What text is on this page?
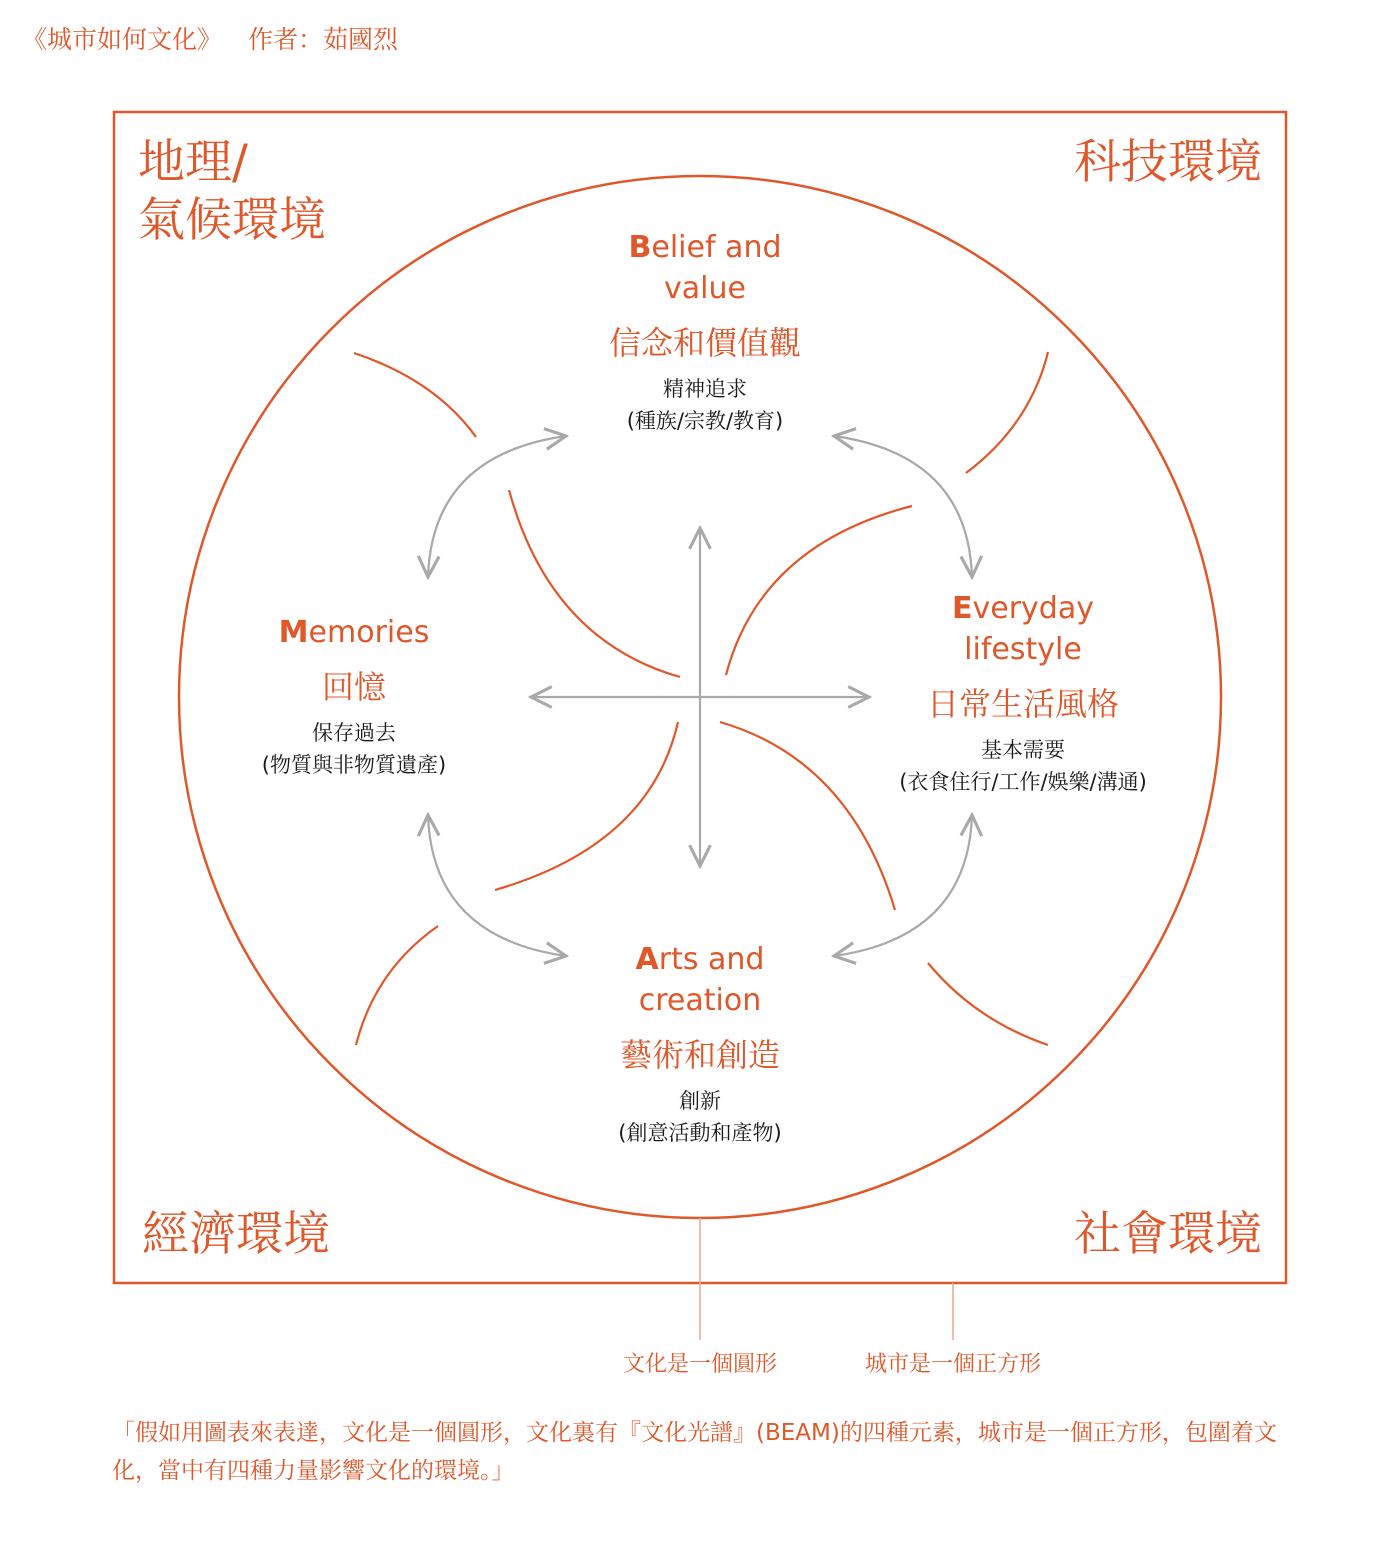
《城市如何文化》 作者：茹國烈
地理/
氣候環境
科技環境
經濟環境	社會環境
Belief and
value
信念和價值觀
精神追求
(種族/宗教/教育)
Everyday
lifestyle
日常生活風格
基本需要
(衣食住行/工作/娛樂/溝通)
Memories
回憶
保存過去
(物質與非物質遺產)
Arts and
creation
藝術和創造
創新
(創意活動和產物)
文化是一個圓形	城市是一個正方形
「假如用圖表來表達，文化是一個圓形，文化裏有『文化光譜』(BEAM)的四種元素，城市是一個正方形，包圍着文化，當中有四種力量影響文化的環境。」
